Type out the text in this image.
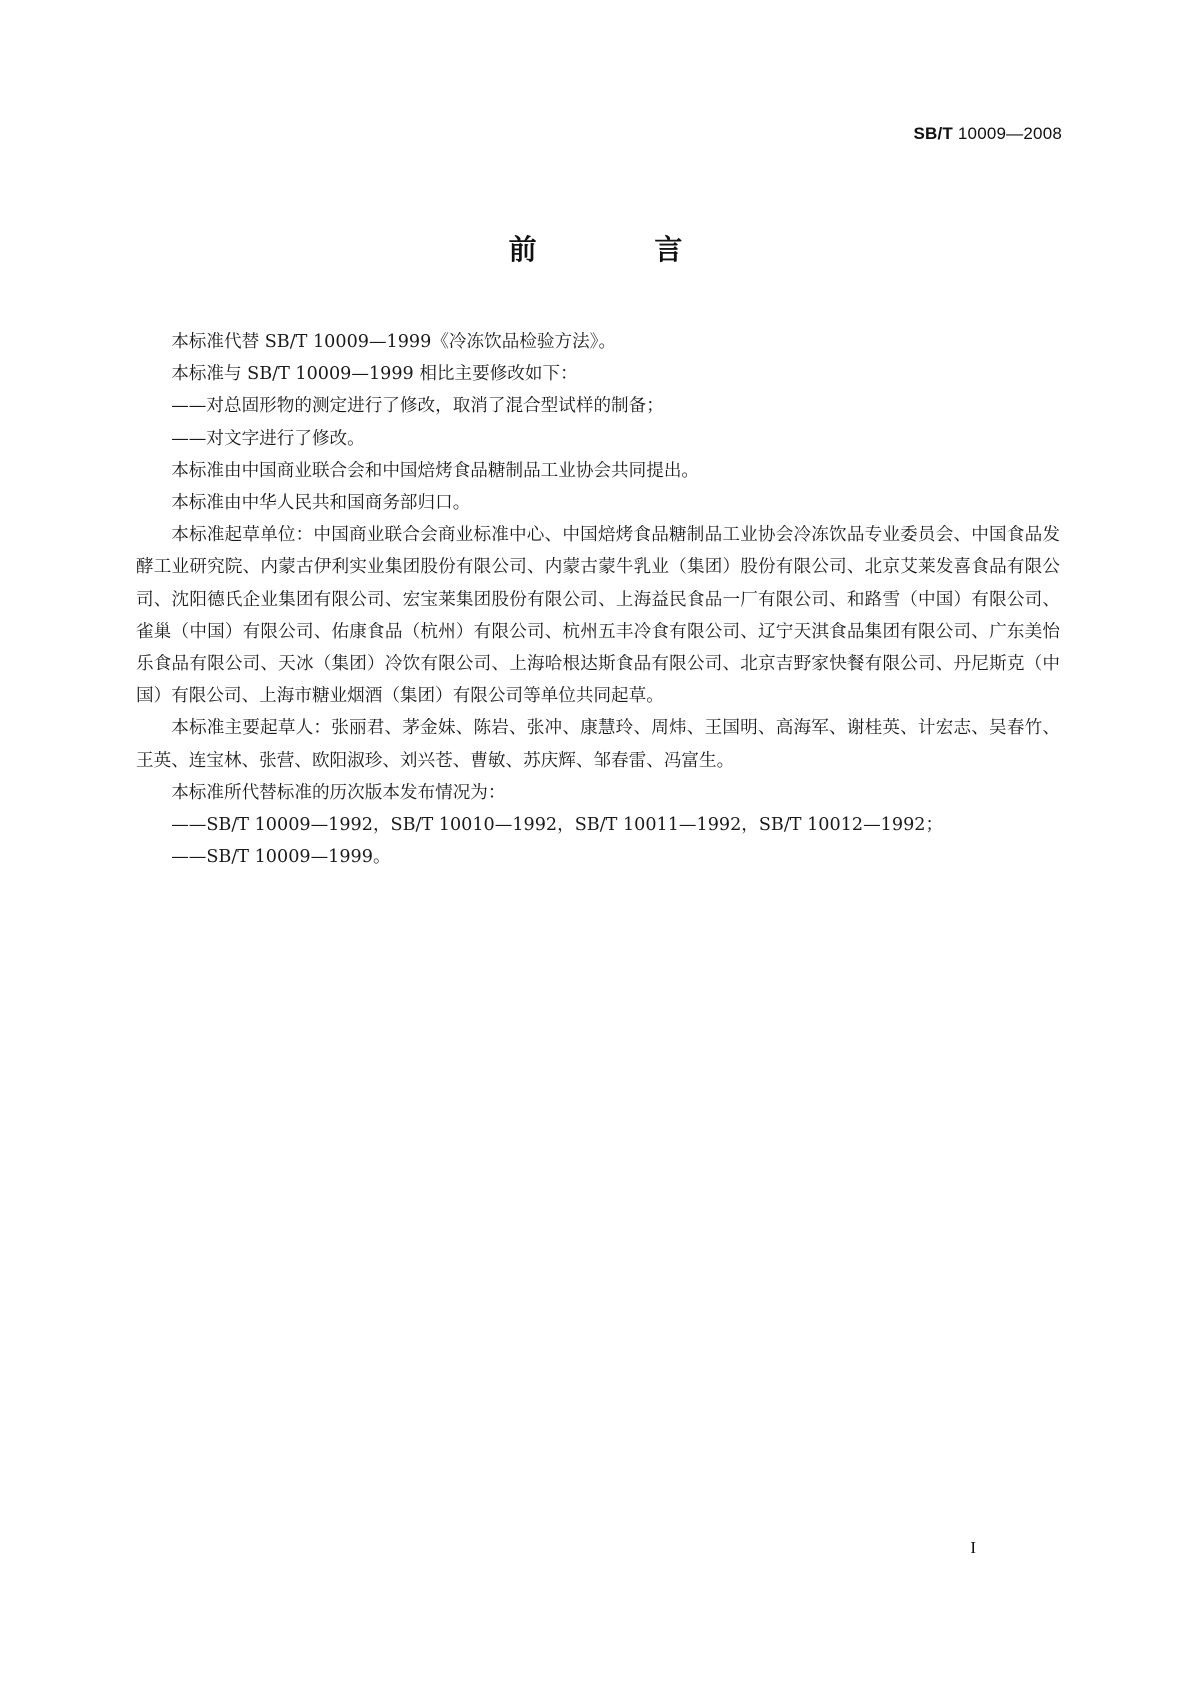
SB/T 10009—2008
前 言

本标准代替 SB/T 10009—1999《冷冻饮品检验方法》。

本标准与 SB/T 10009—1999 相比主要修改如下：

——对总固形物的测定进行了修改，取消了混合型试样的制备；

——对文字进行了修改。

本标准由中国商业联合会和中国焙烤食品糖制品工业协会共同提出。

本标准由中华人民共和国商务部归口。

本标准起草单位：中国商业联合会商业标准中心、中国焙烤食品糖制品工业协会冷冻饮品专业委员会、中国食品发酵工业研究院、内蒙古伊利实业集团股份有限公司、内蒙古蒙牛乳业（集团）股份有限公司、北京艾莱发喜食品有限公司、沈阳德氏企业集团有限公司、宏宝莱集团股份有限公司、上海益民食品一厂有限公司、和路雪（中国）有限公司、雀巢（中国）有限公司、佑康食品（杭州）有限公司、杭州五丰冷食有限公司、辽宁天淇食品集团有限公司、广东美怡乐食品有限公司、天冰（集团）冷饮有限公司、上海哈根达斯食品有限公司、北京吉野家快餐有限公司、丹尼斯克（中国）有限公司、上海市糖业烟酒（集团）有限公司等单位共同起草。

本标准主要起草人：张丽君、茅金妹、陈岩、张冲、康慧玲、周炜、王国明、高海军、谢桂英、计宏志、吴春竹、王英、连宝林、张营、欧阳淑珍、刘兴苍、曹敏、苏庆辉、邹春雷、冯富生。

本标准所代替标准的历次版本发布情况为：

——SB/T 10009—1992，SB/T 10010—1992，SB/T 10011—1992，SB/T 10012—1992；

——SB/T 10009—1999。

I
